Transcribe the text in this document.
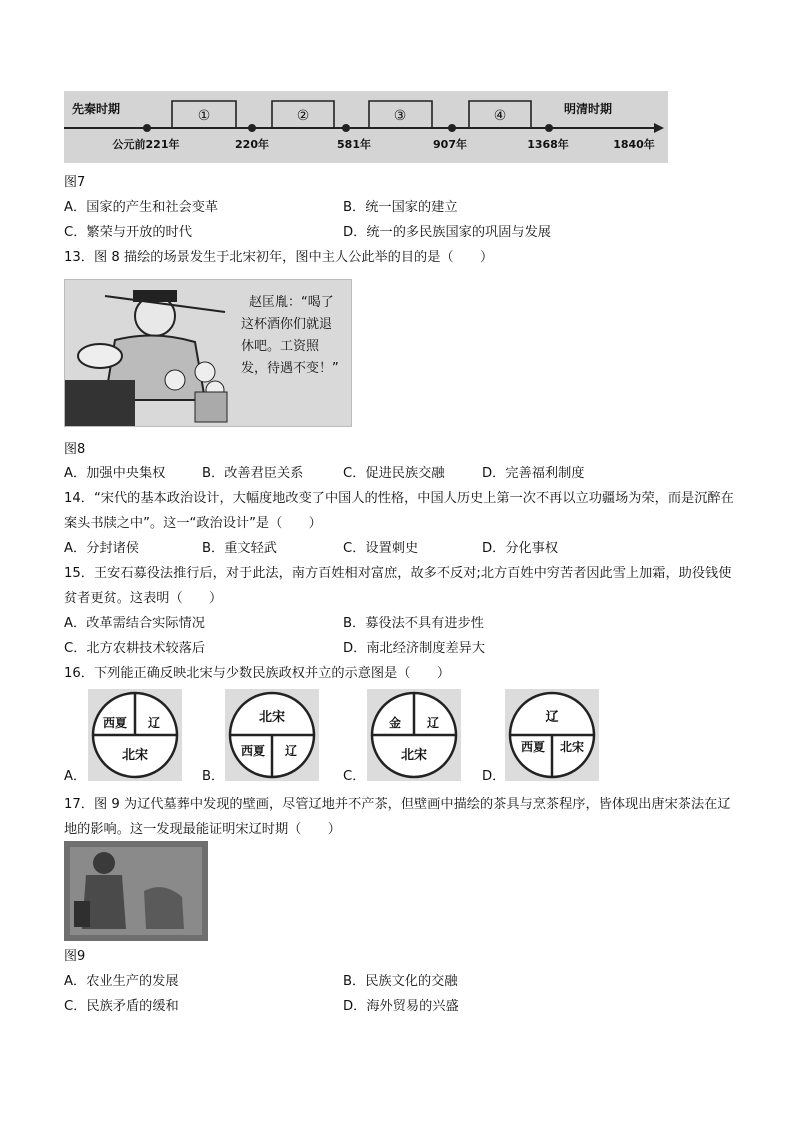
先秦时期	明清时期
①	②	③	④
公元前221年	220年	581年	907年	1368年	1840年
图7
A．国家的产生和社会变革	B．统一国家的建立
C．繁荣与开放的时代	D．统一的多民族国家的巩固与发展
13．图 8 描绘的场景发生于北宋初年，图中主人公此举的目的是（　　）
赵匡胤：“喝了
这杯酒你们就退
休吧。工资照
发，待遇不变！”
图8
A．加强中央集权	B．改善君臣关系	C．促进民族交融	D．完善福利制度
14．“宋代的基本政治设计，大幅度地改变了中国人的性格，中国人历史上第一次不再以立功疆场为荣，而是沉醉在案头书牍之中”。这一“政治设计”是（　　）
A．分封诸侯	B．重文轻武	C．设置刺史	D．分化事权
15．王安石募役法推行后，对于此法，南方百姓相对富庶，故多不反对;北方百姓中穷苦者因此雪上加霜，助役钱使贫者更贫。这表明（　　）
A．改革需结合实际情况	B．募役法不具有进步性
C．北方农耕技术较落后	D．南北经济制度差异大
16．下列能正确反映北宋与少数民族政权并立的示意图是（　　）
A．
西夏 辽
北宋
B．
北宋
西夏 辽
C．
金 辽
北宋
D．
辽
西夏 北宋
17．图 9 为辽代墓葬中发现的壁画，尽管辽地并不产茶，但壁画中描绘的茶具与烹茶程序，皆体现出唐宋茶法在辽地的影响。这一发现最能证明宋辽时期（　　）
图9
A．农业生产的发展	B．民族文化的交融
C．民族矛盾的缓和	D．海外贸易的兴盛
